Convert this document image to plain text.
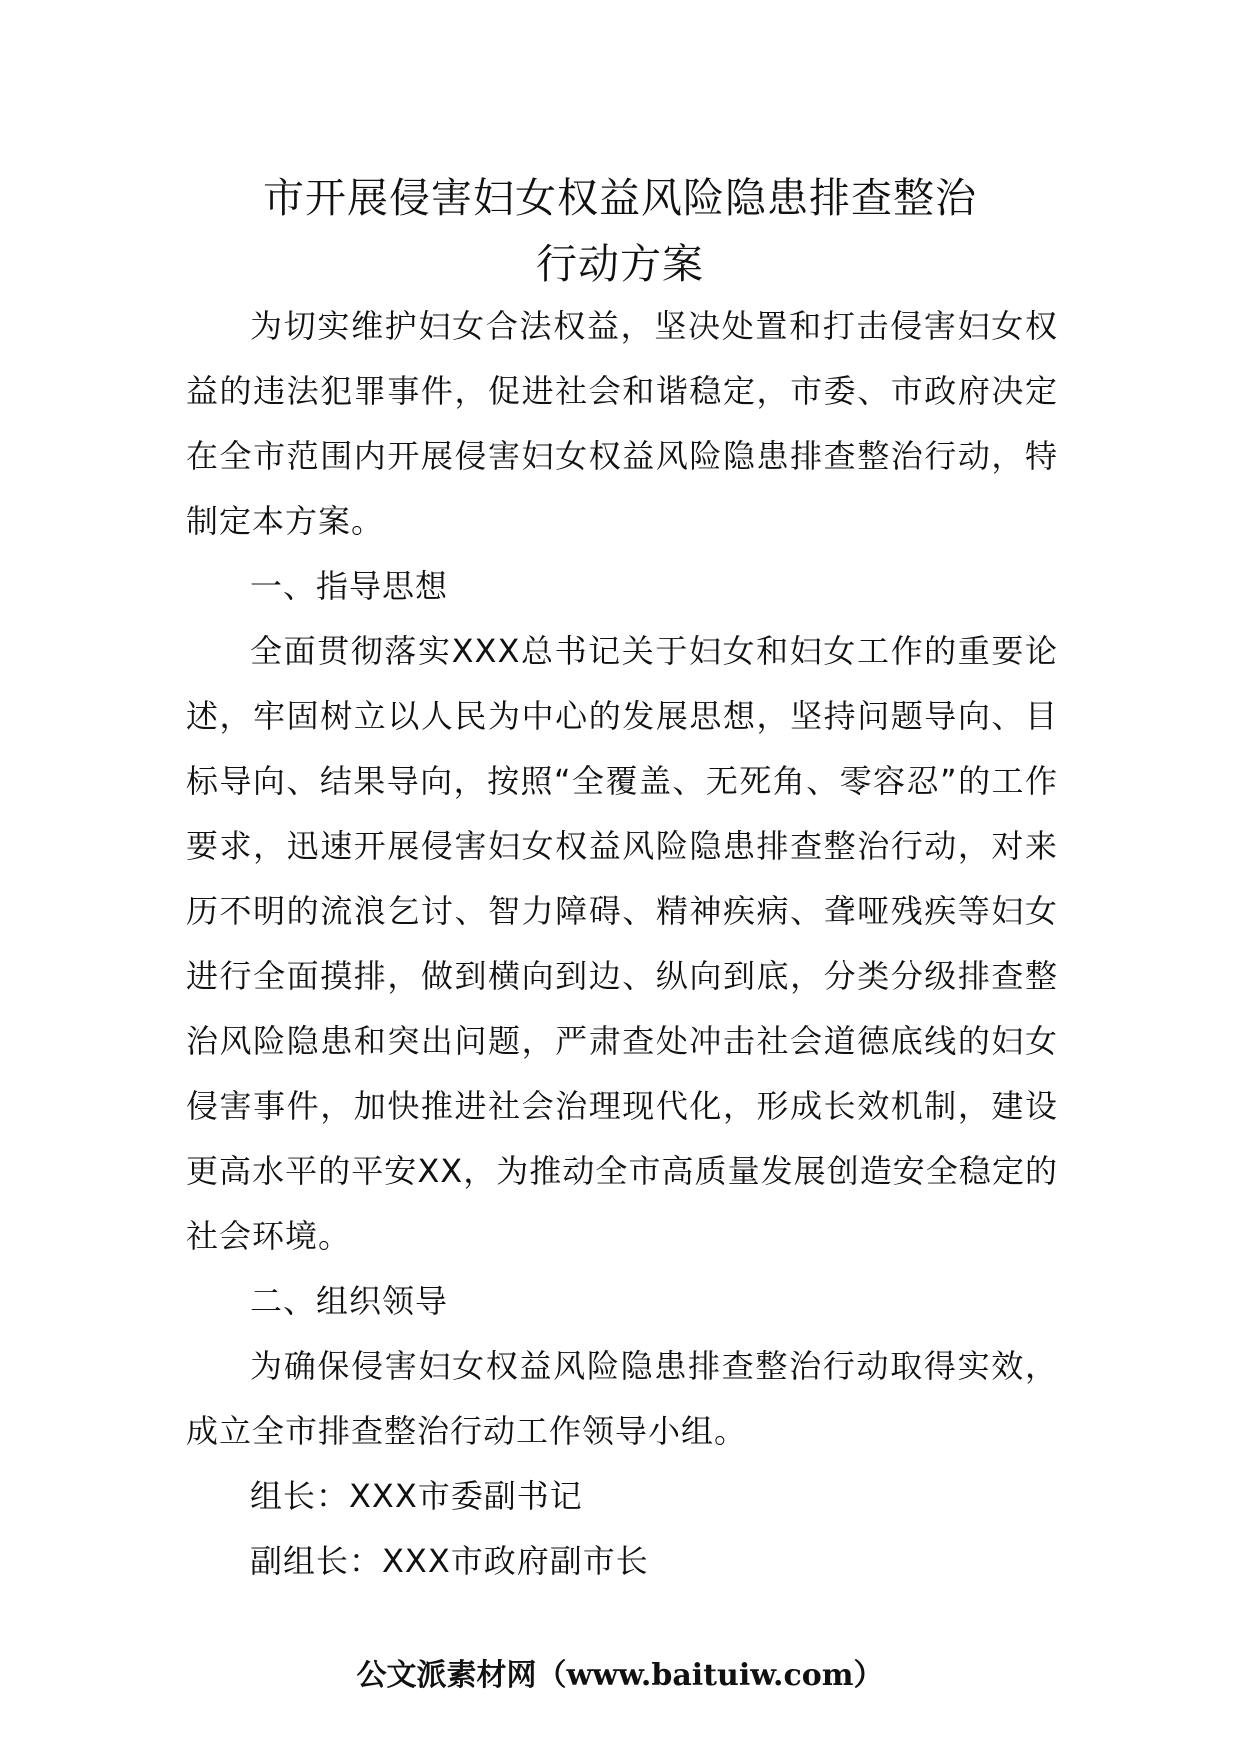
市开展侵害妇女权益风险隐患排查整治
行动方案

为切实维护妇女合法权益，坚决处置和打击侵害妇女权益的违法犯罪事件，促进社会和谐稳定，市委、市政府决定在全市范围内开展侵害妇女权益风险隐患排查整治行动，特制定本方案。

一、指导思想

全面贯彻落实XXX总书记关于妇女和妇女工作的重要论述，牢固树立以人民为中心的发展思想，坚持问题导向、目标导向、结果导向，按照“全覆盖、无死角、零容忍”的工作要求，迅速开展侵害妇女权益风险隐患排查整治行动，对来历不明的流浪乞讨、智力障碍、精神疾病、聋哑残疾等妇女进行全面摸排，做到横向到边、纵向到底，分类分级排查整治风险隐患和突出问题，严肃查处冲击社会道德底线的妇女侵害事件，加快推进社会治理现代化，形成长效机制，建设更高水平的平安XX，为推动全市高质量发展创造安全稳定的社会环境。

二、组织领导

为确保侵害妇女权益风险隐患排查整治行动取得实效，成立全市排查整治行动工作领导小组。

组长：XXX市委副书记

副组长：XXX市政府副市长

公文派素材网（www.baituiw.com）
